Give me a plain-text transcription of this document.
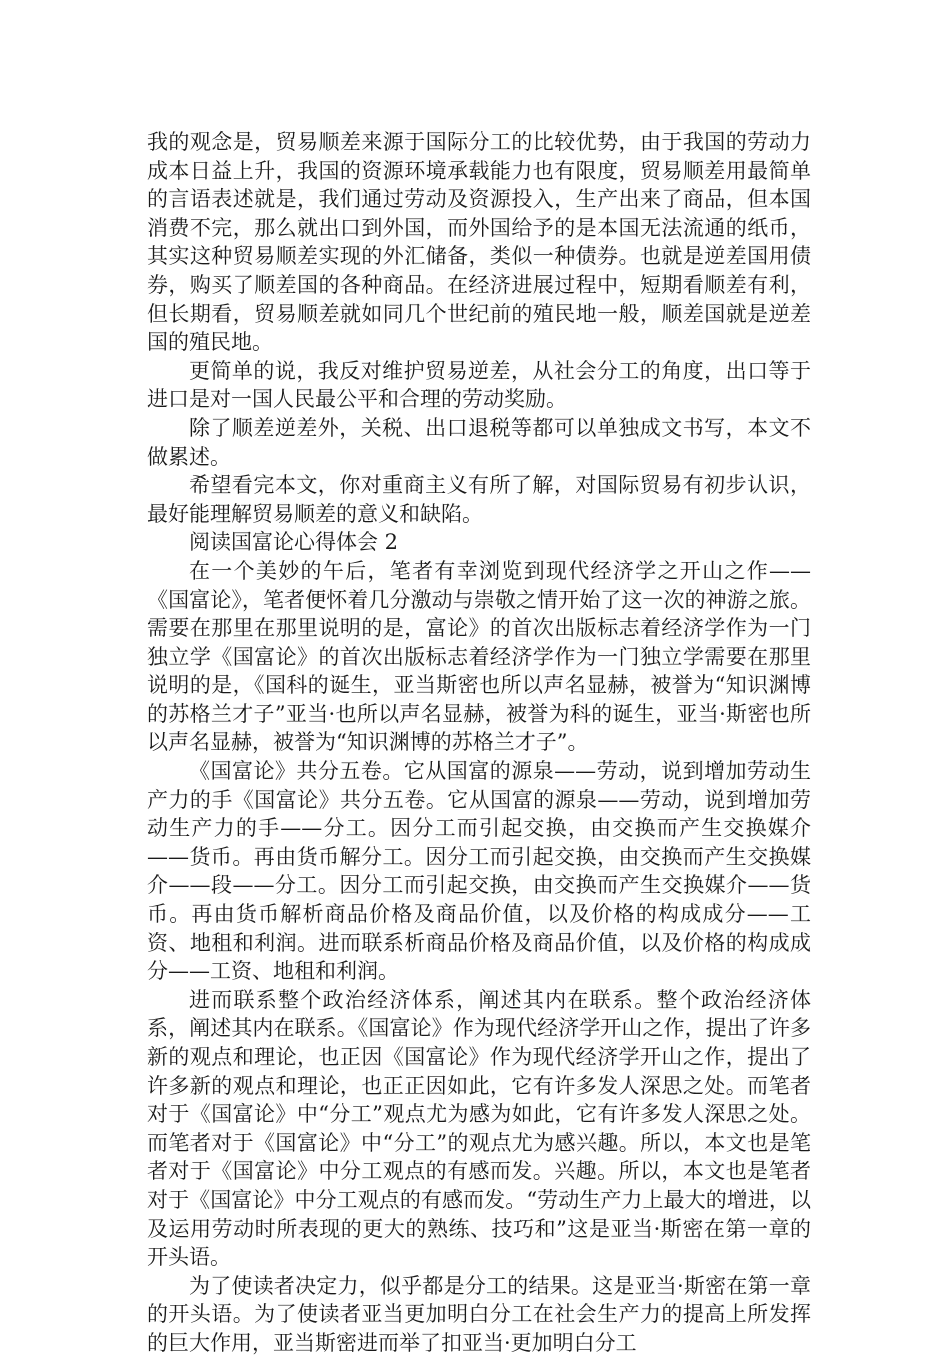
我的观念是，贸易顺差来源于国际分工的比较优势，由于我国的劳动力成本日益上升，我国的资源环境承载能力也有限度，贸易顺差用最简单的言语表述就是，我们通过劳动及资源投入，生产出来了商品，但本国消费不完，那么就出口到外国，而外国给予的是本国无法流通的纸币，其实这种贸易顺差实现的外汇储备，类似一种债券。也就是逆差国用债券，购买了顺差国的各种商品。在经济进展过程中，短期看顺差有利，但长期看，贸易顺差就如同几个世纪前的殖民地一般，顺差国就是逆差国的殖民地。

更简单的说，我反对维护贸易逆差，从社会分工的角度，出口等于进口是对一国人民最公平和合理的劳动奖励。

除了顺差逆差外，关税、出口退税等都可以单独成文书写，本文不做累述。

希望看完本文，你对重商主义有所了解，对国际贸易有初步认识，最好能理解贸易顺差的意义和缺陷。

阅读国富论心得体会 2

在一个美妙的午后，笔者有幸浏览到现代经济学之开山之作——《国富论》，笔者便怀着几分激动与崇敬之情开始了这一次的神游之旅。需要在那里在那里说明的是，富论》的首次出版标志着经济学作为一门独立学《国富论》的首次出版标志着经济学作为一门独立学需要在那里说明的是，《国科的诞生，亚当斯密也所以声名显赫，被誉为“知识渊博的苏格兰才子”亚当·也所以声名显赫，被誉为科的诞生，亚当·斯密也所以声名显赫，被誉为“知识渊博的苏格兰才子”。

《国富论》共分五卷。它从国富的源泉——劳动，说到增加劳动生产力的手《国富论》共分五卷。它从国富的源泉——劳动，说到增加劳动生产力的手——分工。因分工而引起交换，由交换而产生交换媒介——货币。再由货币解分工。因分工而引起交换，由交换而产生交换媒介——段——分工。因分工而引起交换，由交换而产生交换媒介——货币。再由货币解析商品价格及商品价值，以及价格的构成成分——工资、地租和利润。进而联系析商品价格及商品价值，以及价格的构成成分——工资、地租和利润。

进而联系整个政治经济体系，阐述其内在联系。整个政治经济体系，阐述其内在联系。《国富论》作为现代经济学开山之作，提出了许多新的观点和理论，也正因《国富论》作为现代经济学开山之作，提出了许多新的观点和理论，也正正因如此，它有许多发人深思之处。而笔者对于《国富论》中“分工”观点尤为感为如此，它有许多发人深思之处。而笔者对于《国富论》中“分工”的观点尤为感兴趣。所以，本文也是笔者对于《国富论》中分工观点的有感而发。兴趣。所以，本文也是笔者对于《国富论》中分工观点的有感而发。“劳动生产力上最大的增进，以及运用劳动时所表现的更大的熟练、技巧和”这是亚当·斯密在第一章的开头语。

为了使读者决定力，似乎都是分工的结果。这是亚当·斯密在第一章的开头语。为了使读者亚当更加明白分工在社会生产力的提高上所发挥的巨大作用，亚当斯密进而举了扣亚当·更加明白分工
